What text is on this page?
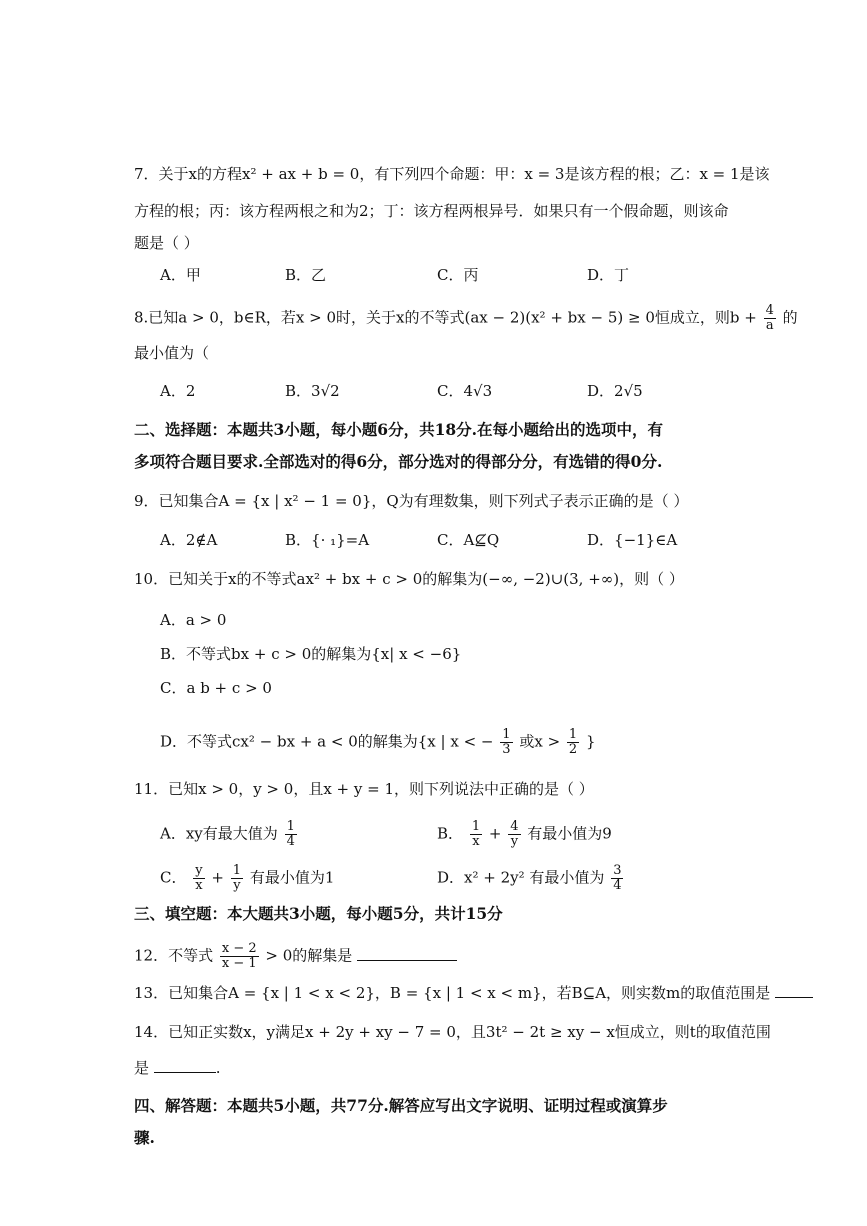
7．关于x的方程x² + ax + b = 0，有下列四个命题：甲：x = 3是该方程的根；乙：x = 1是该
方程的根；丙：该方程两根之和为2；丁：该方程两根异号．如果只有一个假命题，则该命
题是（ ）
A．甲	B．乙	C．丙	D．丁
8.已知a > 0，b∈R，若x > 0时，关于x的不等式(ax − 2)(x² + bx − 5) ≥ 0恒成立，则$b + \frac{4}{a}$ 的
最小值为（
A．2	B．3√2	C．4√3	D．2√5
二、选择题：本题共3小题，每小题6分，共18分.在每小题给出的选项中，有
多项符合题目要求.全部选对的得6分，部分选对的得部分分，有选错的得0分.
9．已知集合A = {x | x² − 1 = 0}，Q为有理数集，则下列式子表示正确的是（ ）
A．2∉A	B．{· ₁}=A	C．A⊈Q	D．{−1}∈A
10．已知关于x的不等式ax² + bx + c > 0的解集为(−∞, −2)∪(3, +∞)，则（ ）
A．a > 0
B．不等式bx + c > 0的解集为{x| x < −6}
C．a b + c > 0
D．不等式cx² − bx + a < 0的解集为{x | x < − $\frac{1}{3}$ 或$x > \frac{1}{2}$ }
11．已知x > 0，y > 0，且x + y = 1，则下列说法中正确的是（ ）
A．xy有最大值为 $\frac{1}{4}$	B． $\frac{1}{x} + \frac{4}{y}$ 有最小值为9
C． $\frac{y}{x} + \frac{1}{y}$ 有最小值为1	D．x² + 2y² 有最小值为 $\frac{3}{4}$
三、填空题：本大题共3小题，每小题5分，共计15分
12．不等式 $\frac{x - 2}{x - 1} > 0$的解集是
13．已知集合A = {x | 1 < x < 2}，B = {x | 1 < x < m}，若B⊆A，则实数m的取值范围是
14．已知正实数x，y满足x + 2y + xy − 7 = 0，且3t² − 2t ≥ xy − x恒成立，则t的取值范围
是	.
四、解答题：本题共5小题，共77分.解答应写出文字说明、证明过程或演算步
骤.
